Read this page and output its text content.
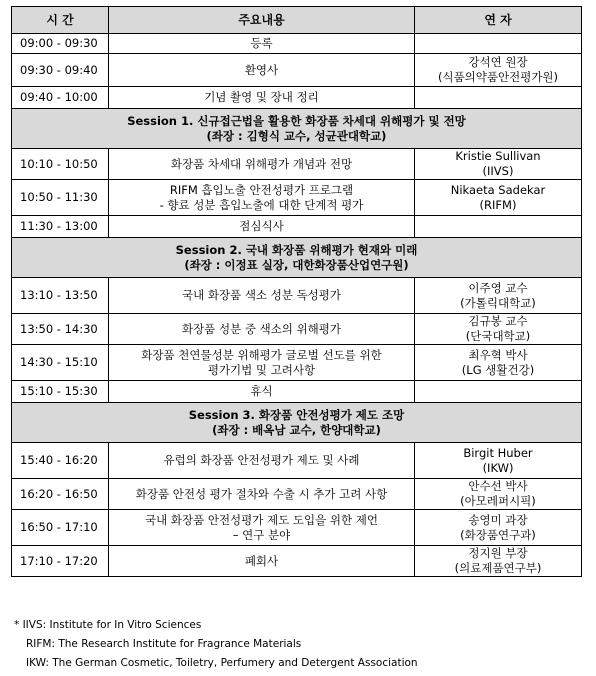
시 간	주요내용	연 자
09:00 - 09:30	등록	

09:30 - 09:40	환영사	강석연 원장
(식품의약품안전평가원)

09:40 - 10:00	기념 촬영 및 장내 정리	

Session 1. 신규접근법을 활용한 화장품 차세대 위해평가 및 전망
(좌장 : 김형식 교수, 성균관대학교)		

10:10 - 10:50	화장품 차세대 위해평가 개념과 전망	Kristie Sullivan
(IIVS)

10:50 - 11:30	RIFM 흡입노출 안전성평가 프로그램
- 향료 성분 흡입노출에 대한 단계적 평가	Nikaeta Sadekar
(RIFM)

11:30 - 13:00	점심식사	

Session 2. 국내 화장품 위해평가 현재와 미래
(좌장 : 이정표 실장, 대한화장품산업연구원)		

13:10 - 13:50	국내 화장품 색소 성분 독성평가	이주영 교수
(가톨릭대학교)

13:50 - 14:30	화장품 성분 중 색소의 위해평가	김규봉 교수
(단국대학교)

14:30 - 15:10	화장품 천연물성분 위해평가 글로벌 선도를 위한
평가기법 및 고려사항	최우혁 박사
(LG 생활건강)

15:10 - 15:30	휴식	

Session 3. 화장품 안전성평가 제도 조망
(좌장 : 배옥남 교수, 한양대학교)		

15:40 - 16:20	유럽의 화장품 안전성평가 제도 및 사례	Birgit Huber
(IKW)

16:20 - 16:50	화장품 안전성 평가 절차와 수출 시 추가 고려 사항	안수선 박사
(아모레퍼시픽)

16:50 - 17:10	국내 화장품 안전성평가 제도 도입을 위한 제언
– 연구 분야	송영미 과장
(화장품연구과)

17:10 - 17:20	폐회사	정지원 부장
(의료제품연구부)
* IIVS: Institute for In Vitro Sciences
RIFM: The Research Institute for Fragrance Materials
IKW: The German Cosmetic, Toiletry, Perfumery and Detergent Association
